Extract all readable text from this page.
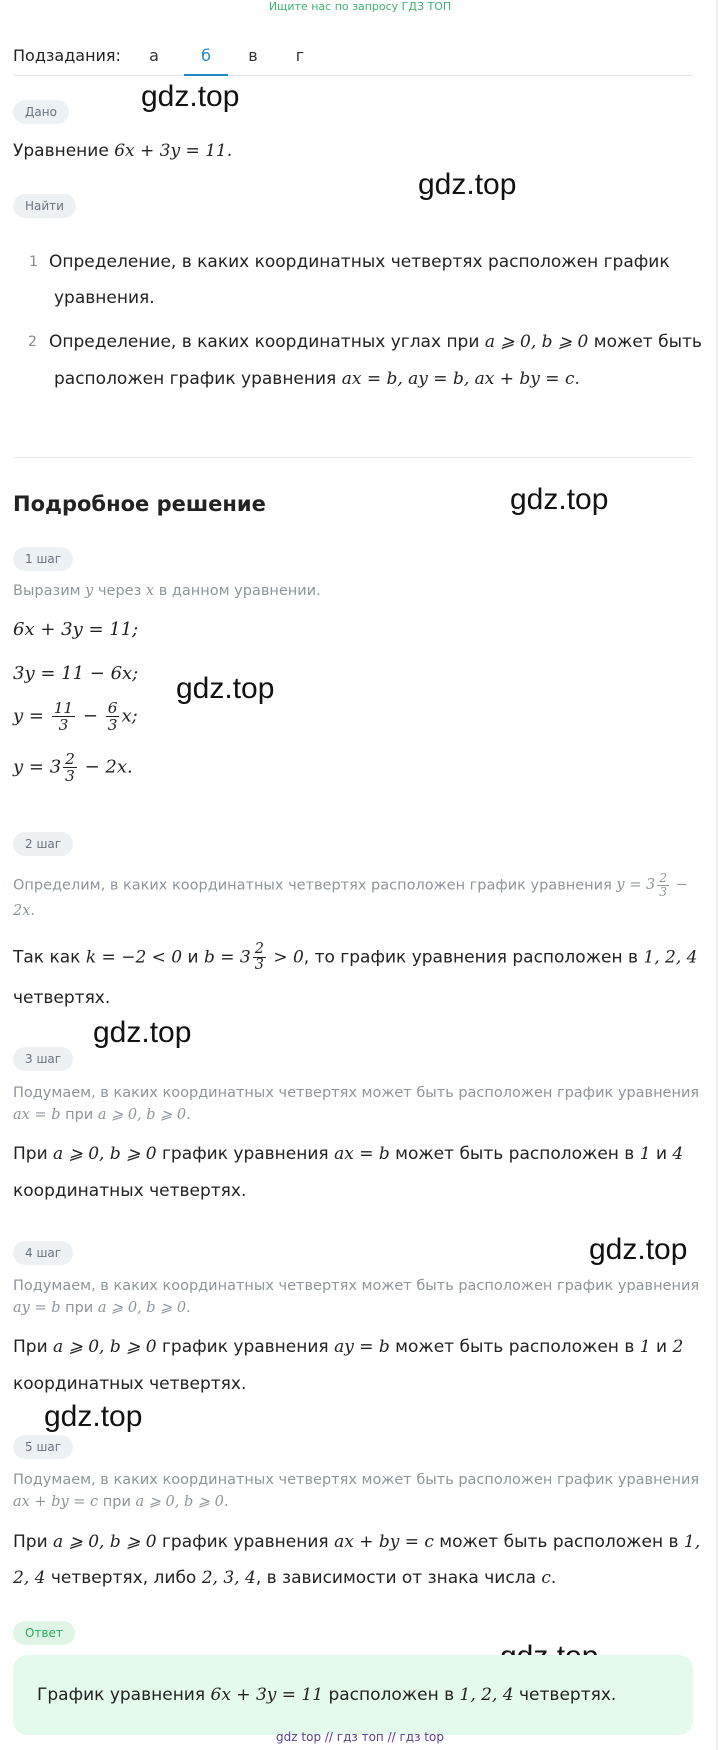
Ищите нас по запросу ГДЗ ТОП
Подзадания:	а	б	в	г
gdz.top
gdz.top
gdz.top
gdz.top
gdz.top
gdz.top
gdz.top
Дано
Уравнение 6x + 3y = 11.
Найти
1 Определение, в каких координатных четвертях расположен график
уравнения.
2 Определение, в каких координатных углах при a ⩾ 0, b ⩾ 0 может быть
расположен график уравнения ax = b, ay = b, ax + by = c.
Подробное решение
1 шаг
Выразим y через x в данном уравнении.
6x + 3y = 11;
3y = 11 − 6x;
$y = \frac{11}{3} - \frac{6}{3} x$;
$y = 3 \frac{2}{3} - 2x$.
2 шаг
Определим, в каких координатных четвертях расположен график уравнения $y = 3 \frac{2}{3}$ −
2x.
Так как k = −2 < 0 и $b = 3 \frac{2}{3} > 0$, то график уравнения расположен в 1, 2, 4
четвертях.
3 шаг
Подумаем, в каких координатных четвертях может быть расположен график уравнения
ax = b при a ⩾ 0, b ⩾ 0.
При a ⩾ 0, b ⩾ 0 график уравнения ax = b может быть расположен в 1 и 4
координатных четвертях.
4 шаг
Подумаем, в каких координатных четвертях может быть расположен график уравнения
ay = b при a ⩾ 0, b ⩾ 0.
При a ⩾ 0, b ⩾ 0 график уравнения ay = b может быть расположен в 1 и 2
координатных четвертях.
5 шаг
Подумаем, в каких координатных четвертях может быть расположен график уравнения
ax + by = c при a ⩾ 0, b ⩾ 0.
При a ⩾ 0, b ⩾ 0 график уравнения ax + by = c может быть расположен в 1,
2, 4 четвертях, либо 2, 3, 4, в зависимости от знака числа c.
Ответ
График уравнения 6x + 3y = 11 расположен в 1, 2, 4 четвертях.
gdz top // гдз топ // гдз top
